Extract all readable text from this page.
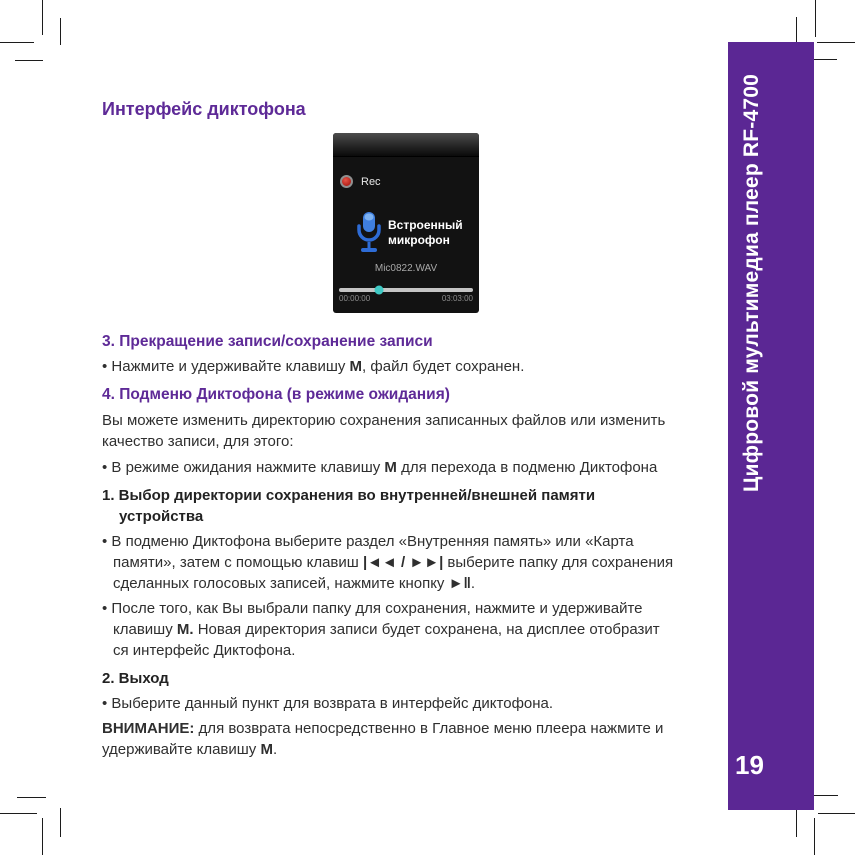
Цифровой мультимедиа плеер RF-4700
19
Интерфейс диктофона
Rec
Встроенный
микрофон
Mic0822.WAV
00:00:00	03:03:00

3. Прекращение записи/сохранение записи

• Нажмите и удерживайте клавишу М, файл будет сохранен.

4. Подменю Диктофона (в режиме ожидания)

Вы можете изменить директорию сохранения записанных файлов или изменить
качество записи, для этого:

• В режиме ожидания нажмите клавишу М для перехода в подменю Диктофона

1. Выбор директории сохранения во внутренней/внешней памяти
устройства

• В подменю Диктофона выберите раздел «Внутренняя память» или «Карта
памяти», затем с помощью клавиш |◄◄ / ►►| выберите папку для сохранения
сделанных голосовых записей, нажмите кнопку ►‖.

• После того, как Вы выбрали папку для сохранения, нажмите и удерживайте
клавишу М. Новая директория записи будет сохранена, на дисплее отобразит
ся интерфейс Диктофона.

2. Выход

• Выберите данный пункт для возврата в интерфейс диктофона.

ВНИМАНИЕ: для возврата непосредственно в Главное меню плеера нажмите и
удерживайте клавишу М.
